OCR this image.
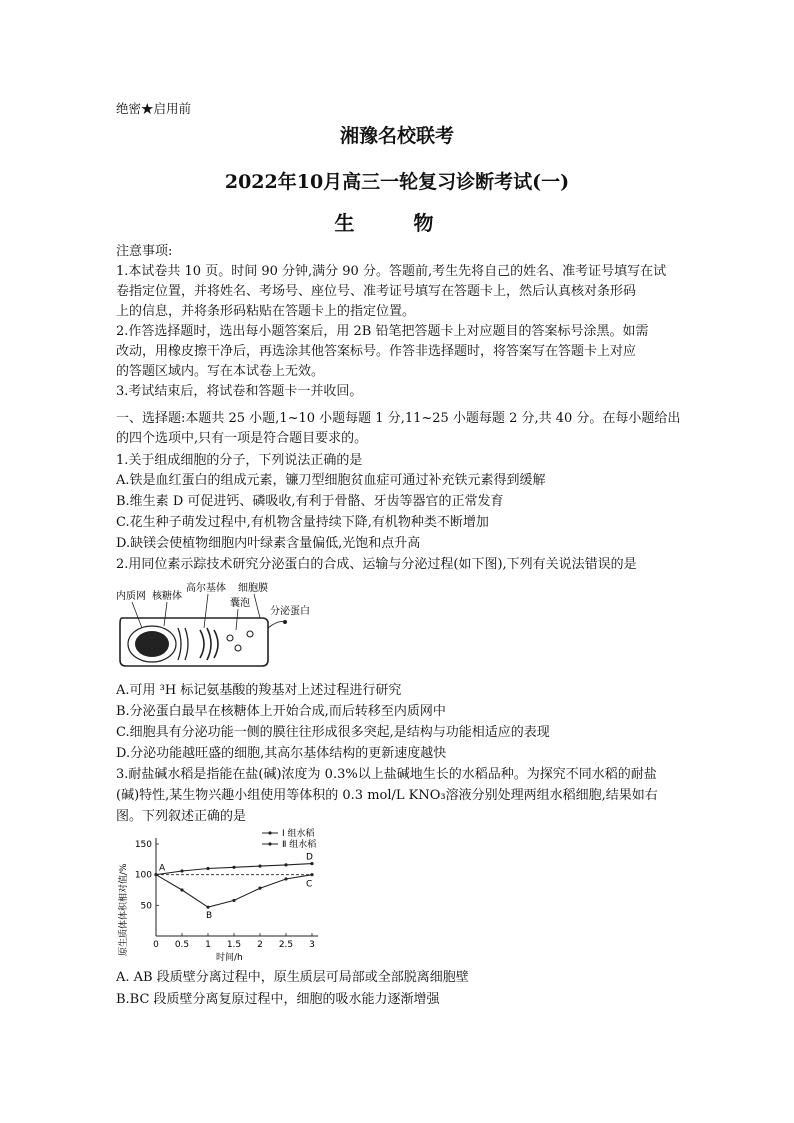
绝密★启用前
湘豫名校联考
2022年10月高三一轮复习诊断考试(一)
生 物
注意事项:
1.本试卷共 10 页。时间 90 分钟,满分 90 分。答题前,考生先将自己的姓名、准考证号填写在试
卷指定位置，并将姓名、考场号、座位号、准考证号填写在答题卡上，然后认真核对条形码
上的信息，并将条形码粘贴在答题卡上的指定位置。
2.作答选择题时，选出每小题答案后，用 2B 铅笔把答题卡上对应题目的答案标号涂黑。如需
改动，用橡皮擦干净后，再选涂其他答案标号。作答非选择题时，将答案写在答题卡上对应
的答题区域内。写在本试卷上无效。
3.考试结束后，将试卷和答题卡一并收回。
一、选择题:本题共 25 小题,1~10 小题每题 1 分,11~25 小题每题 2 分,共 40 分。在每小题给出
的四个选项中,只有一项是符合题目要求的。
1.关于组成细胞的分子，下列说法正确的是
A.铁是血红蛋白的组成元素，镰刀型细胞贫血症可通过补充铁元素得到缓解
B.维生素 D 可促进钙、磷吸收,有利于骨骼、牙齿等器官的正常发育
C.花生种子萌发过程中,有机物含量持续下降,有机物种类不断增加
D.缺镁会使植物细胞内叶绿素含量偏低,光饱和点升高
2.用同位素示踪技术研究分泌蛋白的合成、运输与分泌过程(如下图),下列有关说法错误的是
内质网 核糖体
高尔基体 细胞膜
囊泡
分泌蛋白
A.可用 ³H 标记氨基酸的羧基对上述过程进行研究
B.分泌蛋白最早在核糖体上开始合成,而后转移至内质网中
C.细胞具有分泌功能一侧的膜往往形成很多突起,是结构与功能相适应的表现
D.分泌功能越旺盛的细胞,其高尔基体结构的更新速度越快
3.耐盐碱水稻是指能在盐(碱)浓度为 0.3%以上盐碱地生长的水稻品种。为探究不同水稻的耐盐
(碱)特性,某生物兴趣小组使用等体积的 0.3 mol/L KNO₃溶液分别处理两组水稻细胞,结果如右
图。下列叙述正确的是
原生质体体积相对值/%
时间/h
0 0.5 1 1.5 2 2.5 3
50
100
150
Ⅰ 组水稻
Ⅱ 组水稻
A
B
C
D
A. AB 段质壁分离过程中，原生质层可局部或全部脱离细胞壁
B.BC 段质壁分离复原过程中，细胞的吸水能力逐渐增强
